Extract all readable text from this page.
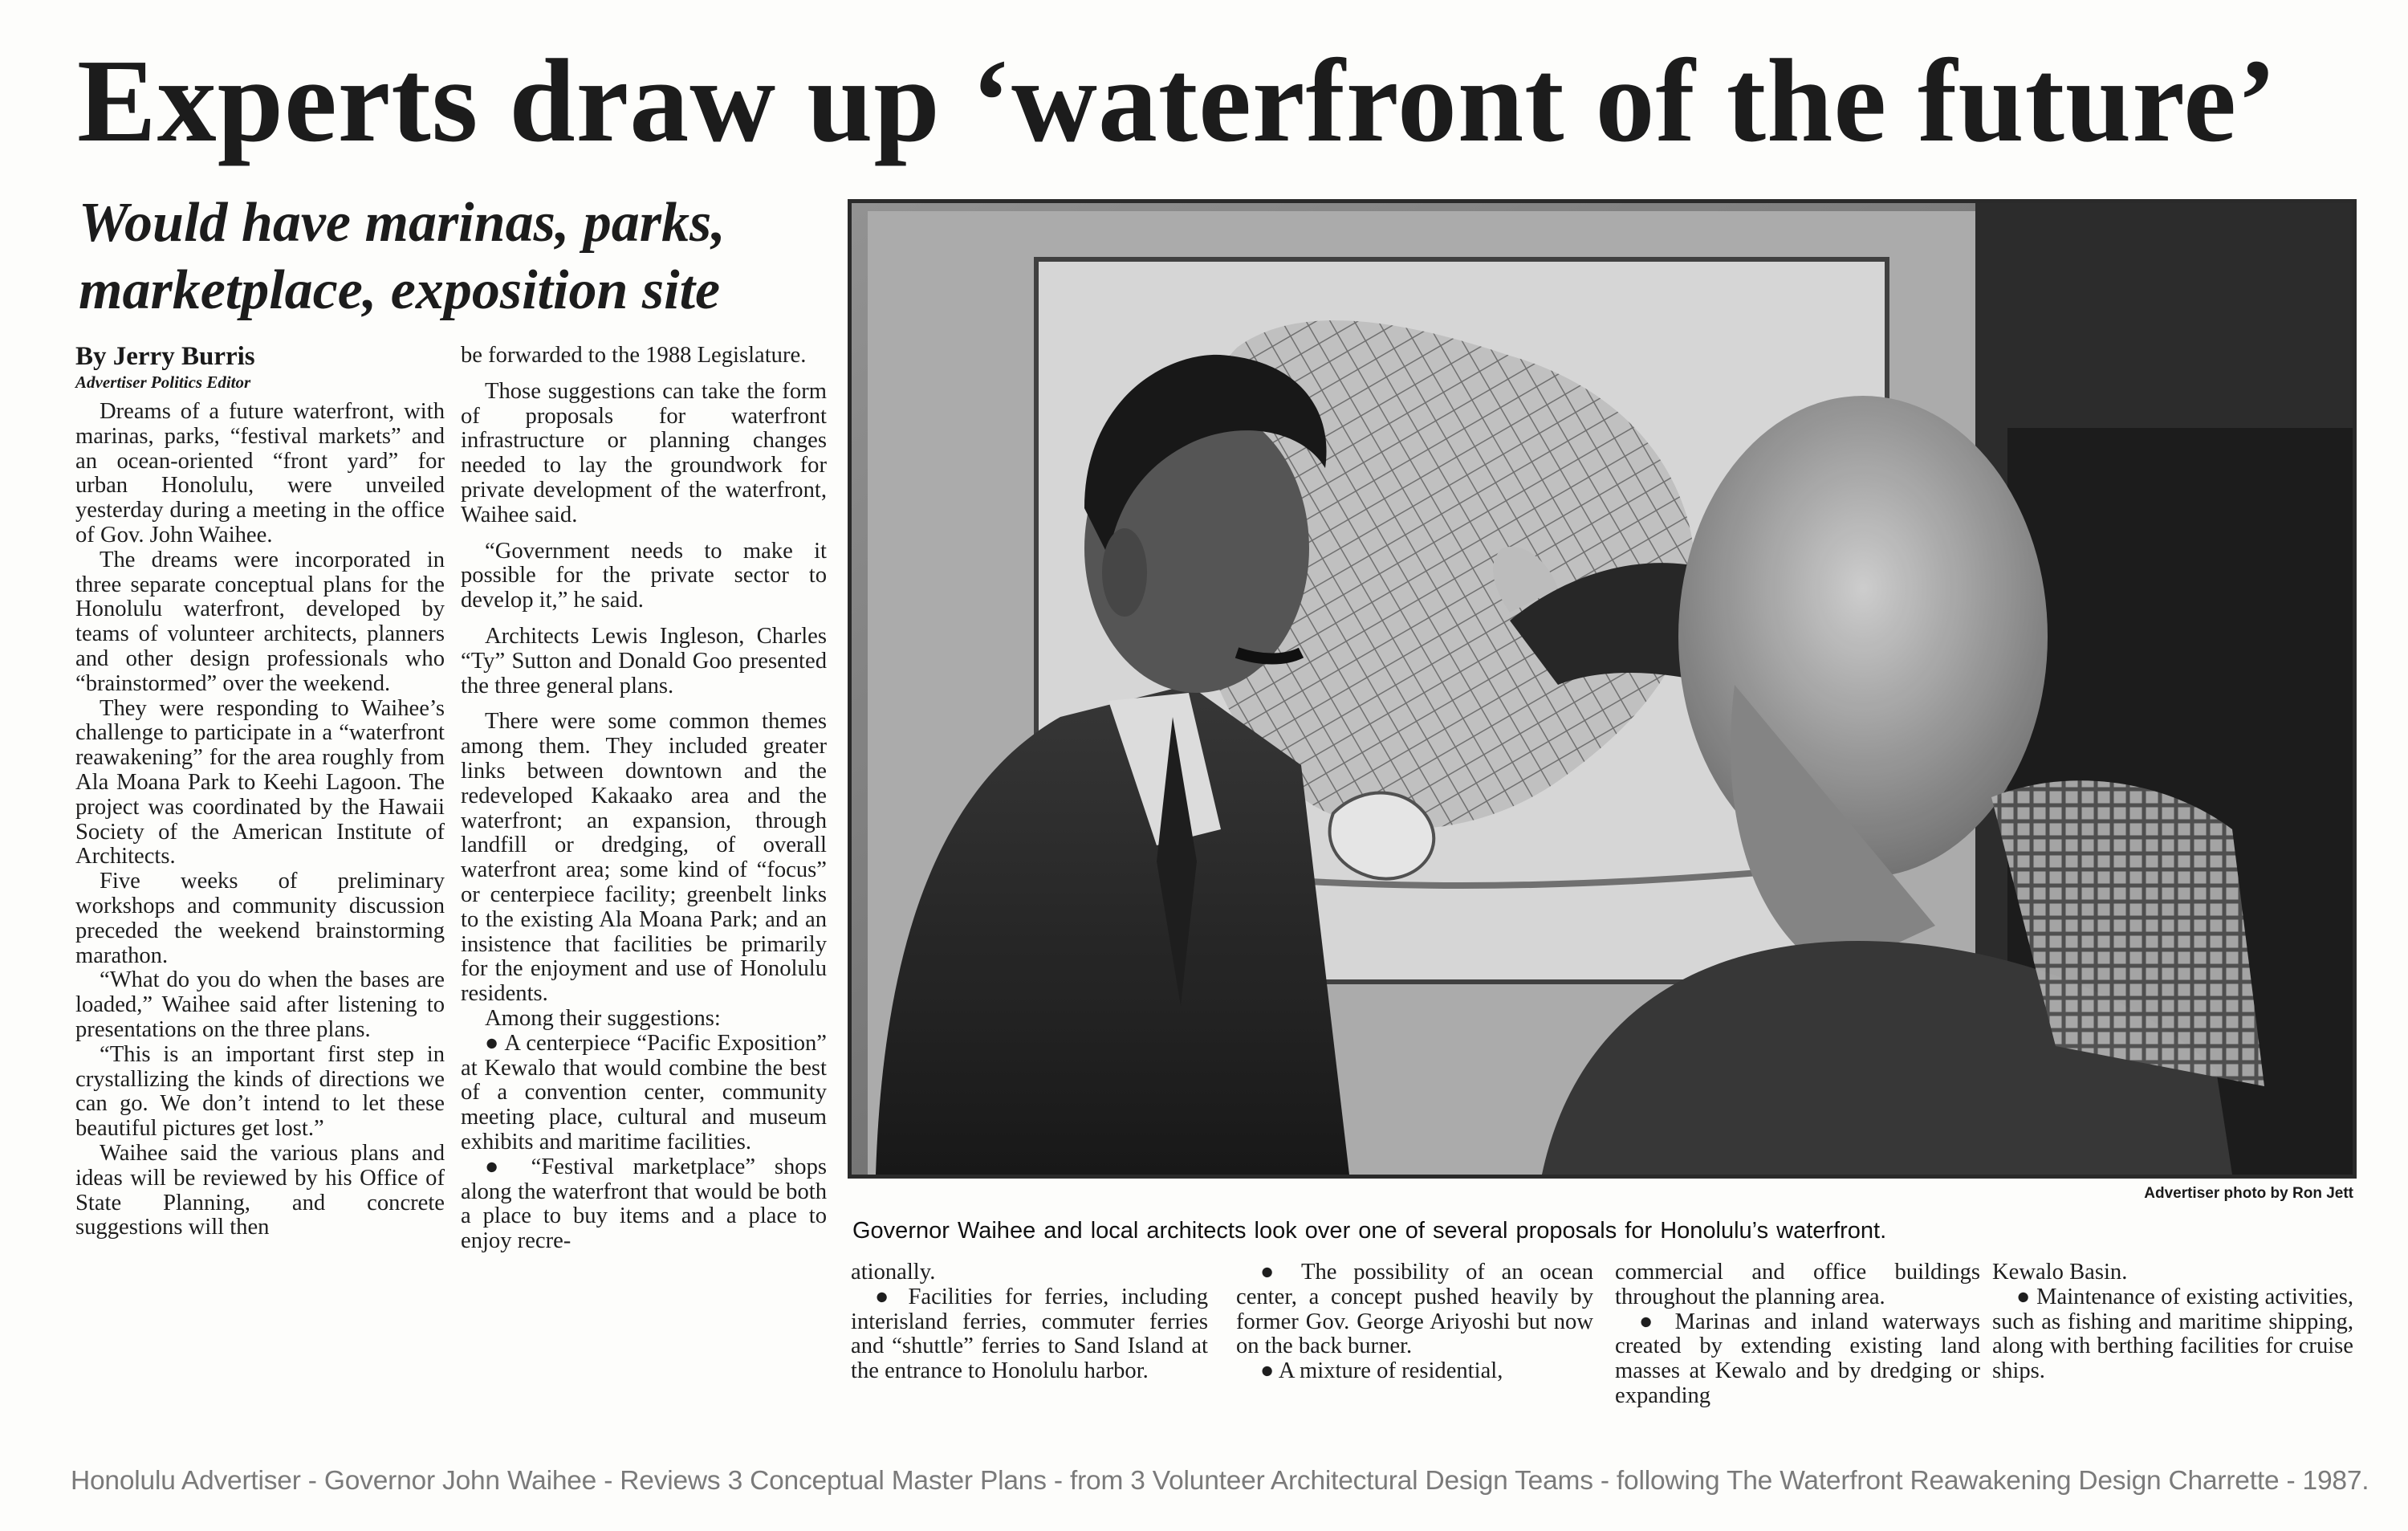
Experts draw up ‘waterfront of the future’
Would have marinas, parks, marketplace, exposition site
By Jerry Burris
Advertiser Politics Editor

Dreams of a future waterfront, with marinas, parks, “festival markets” and an ocean-oriented “front yard” for urban Honolulu, were unveiled yesterday during a meeting in the office of Gov. John Waihee.

The dreams were incorporated in three separate conceptual plans for the Honolulu waterfront, developed by teams of volunteer architects, planners and other design professionals who “brainstormed” over the weekend.

They were responding to Waihee’s challenge to participate in a “waterfront reawakening” for the area roughly from Ala Moana Park to Keehi Lagoon. The project was coordinated by the Hawaii Society of the American Institute of Architects.

Five weeks of preliminary workshops and community discussion preceded the weekend brainstorming marathon.

“What do you do when the bases are loaded,” Waihee said after listening to presentations on the three plans.

“This is an important first step in crystallizing the kinds of directions we can go. We don’t intend to let these beautiful pictures get lost.”

Waihee said the various plans and ideas will be reviewed by his Office of State Planning, and concrete suggestions will then

be forwarded to the 1988 Legislature.

Those suggestions can take the form of proposals for waterfront infrastructure or planning changes needed to lay the groundwork for private development of the waterfront, Waihee said.

“Government needs to make it possible for the private sector to develop it,” he said.

Architects Lewis Ingleson, Charles “Ty” Sutton and Donald Goo presented the three general plans.

There were some common themes among them. They included greater links between downtown and the redeveloped Kakaako area and the waterfront; an expansion, through landfill or dredging, of overall waterfront area; some kind of “focus” or centerpiece facility; greenbelt links to the existing Ala Moana Park; and an insistence that facilities be primarily for the enjoyment and use of Honolulu residents.

Among their suggestions:

● A centerpiece “Pacific Exposition” at Kewalo that would combine the best of a convention center, community meeting place, cultural and museum exhibits and maritime facilities.

● “Festival marketplace” shops along the waterfront that would be both a place to buy items and a place to enjoy recre-

Advertiser photo by Ron Jett
Governor Waihee and local architects look over one of several proposals for Honolulu’s waterfront.

ationally.

● Facilities for ferries, including interisland ferries, commuter ferries and “shuttle” ferries to Sand Island at the entrance to Honolulu harbor.

● The possibility of an ocean center, a concept pushed heavily by former Gov. George Ariyoshi but now on the back burner.

● A mixture of residential,

commercial and office buildings throughout the planning area.

● Marinas and inland waterways created by extending existing land masses at Kewalo and by dredging or expanding

Kewalo Basin.

● Maintenance of existing activities, such as fishing and maritime shipping, along with berthing facilities for cruise ships.

Honolulu Advertiser - Governor John Waihee - Reviews 3 Conceptual Master Plans - from 3 Volunteer Architectural Design Teams - following The Waterfront Reawakening Design Charrette - 1987.
